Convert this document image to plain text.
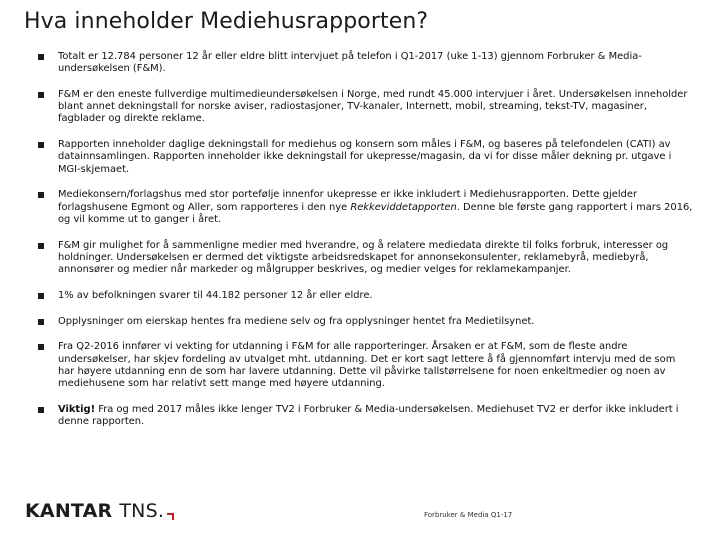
Hva inneholder Mediehusrapporten?
Totalt er 12.784 personer 12 år eller eldre blitt intervjuet på telefon i Q1-2017 (uke 1-13) gjennom Forbruker & Media-undersøkelsen (F&M).
F&M er den eneste fullverdige multimedieundersøkelsen i Norge, med rundt 45.000 intervjuer i året. Undersøkelsen inneholder blant annet dekningstall for norske aviser, radiostasjoner, TV-kanaler, Internett, mobil, streaming, tekst-TV, magasiner, fagblader og direkte reklame.
Rapporten inneholder daglige dekningstall for mediehus og konsern som måles i F&M, og baseres på telefondelen (CATI) av datainnsamlingen. Rapporten inneholder ikke dekningstall for ukepresse/magasin, da vi for disse måler dekning pr. utgave i MGI-skjemaet.
Mediekonsern/forlagshus med stor portefølje innenfor ukepresse er ikke inkludert i Mediehusrapporten. Dette gjelder forlagshusene Egmont og Aller, som rapporteres i den nye Rekkeviddetapporten. Denne ble første gang rapportert i mars 2016, og vil komme ut to ganger i året.
F&M gir mulighet for å sammenligne medier med hverandre, og å relatere mediedata direkte til folks forbruk, interesser og holdninger. Undersøkelsen er dermed det viktigste arbeidsredskapet for annonsekonsulenter, reklamebyrå, mediebyrå, annonsører og medier når markeder og målgrupper beskrives, og medier velges for reklamekampanjer.
1% av befolkningen svarer til 44.182 personer 12 år eller eldre.
Opplysninger om eierskap hentes fra mediene selv og fra opplysninger hentet fra Medietilsynet.
Fra Q2-2016 innfører vi vekting for utdanning i F&M for alle rapporteringer. Årsaken er at F&M, som de fleste andre undersøkelser, har skjev fordeling av utvalget mht. utdanning. Det er kort sagt lettere å få gjennomført intervju med de som har høyere utdanning enn de som har lavere utdanning. Dette vil påvirke tallstørrelsene for noen enkeltmedier og noen av mediehusene som har relativt sett mange med høyere utdanning.
Viktig! Fra og med 2017 måles ikke lenger TV2 i Forbruker & Media-undersøkelsen. Mediehuset TV2 er derfor ikke inkludert i denne rapporten.
KANTAR TNS.	Forbruker & Media Q1-17
